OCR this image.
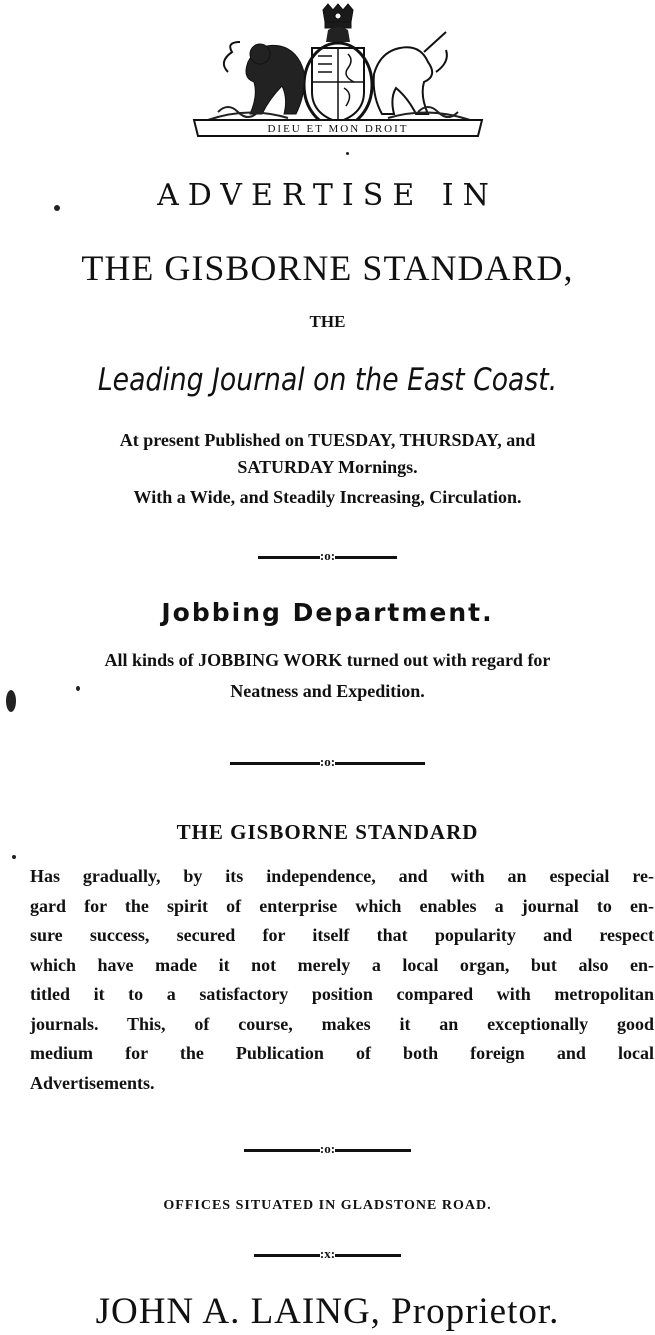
DIEU ET MON DROIT
ADVERTISE IN
THE GISBORNE STANDARD,
THE
Leading Journal on the East Coast.
At present Published on TUESDAY, THURSDAY, and
SATURDAY Mornings.
With a Wide, and Steadily Increasing, Circulation.
:o:
Jobbing Department.
All kinds of JOBBING WORK turned out with regard for
Neatness and Expedition.
:o:
THE GISBORNE STANDARD
Has gradually, by its independence, and with an especial re-
gard for the spirit of enterprise which enables a journal to en-
sure success, secured for itself that popularity and respect
which have made it not merely a local organ, but also en-
titled it to a satisfactory position compared with metropolitan
journals. This, of course, makes it an exceptionally good
medium for the Publication of both foreign and local
Advertisements.
:o:
OFFICES SITUATED IN GLADSTONE ROAD.
:x:
JOHN A. LAING, Proprietor.
